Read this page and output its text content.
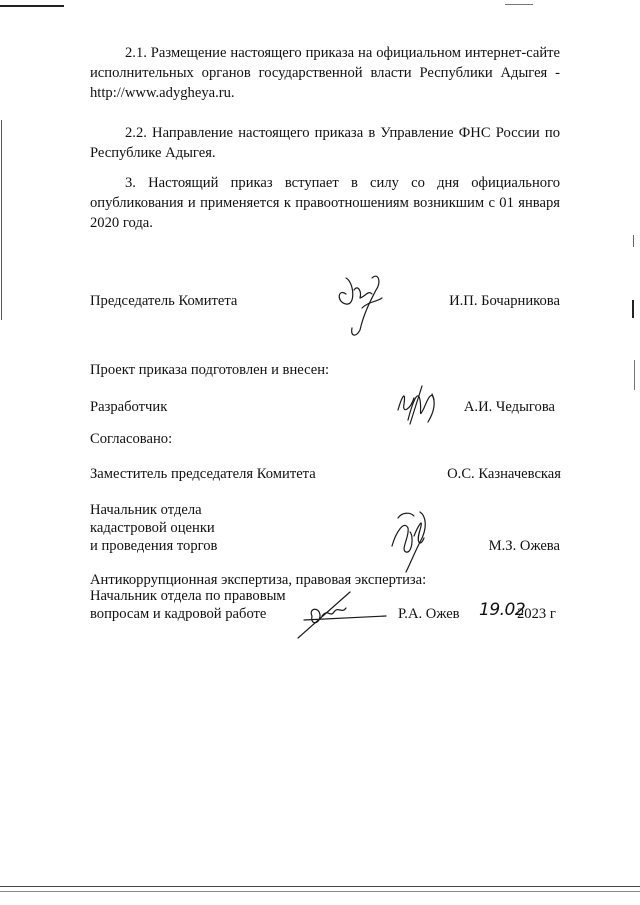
2.1. Размещение настоящего приказа на официальном интернет-сайте исполнительных органов государственной власти Республики Адыгея - http://www.adygheya.ru.

2.2. Направление настоящего приказа в Управление ФНС России по Республике Адыгея.

3. Настоящий приказ вступает в силу со дня официального опубликования и применяется к правоотношениям возникшим с 01 января 2020 года.

Председатель Комитета	И.П. Бочарникова
Проект приказа подготовлен и внесен:
Разработчик	А.И. Чедыгова
Согласовано:
Заместитель председателя Комитета	О.С. Казначевская
Начальник отдела
кадастровой оценки
и проведения торгов	М.З. Ожева
Антикоррупционная экспертиза, правовая экспертиза:
Начальник отдела по правовым
вопросам и кадровой работе	Р.А. Ожев 19.02
2023 г
